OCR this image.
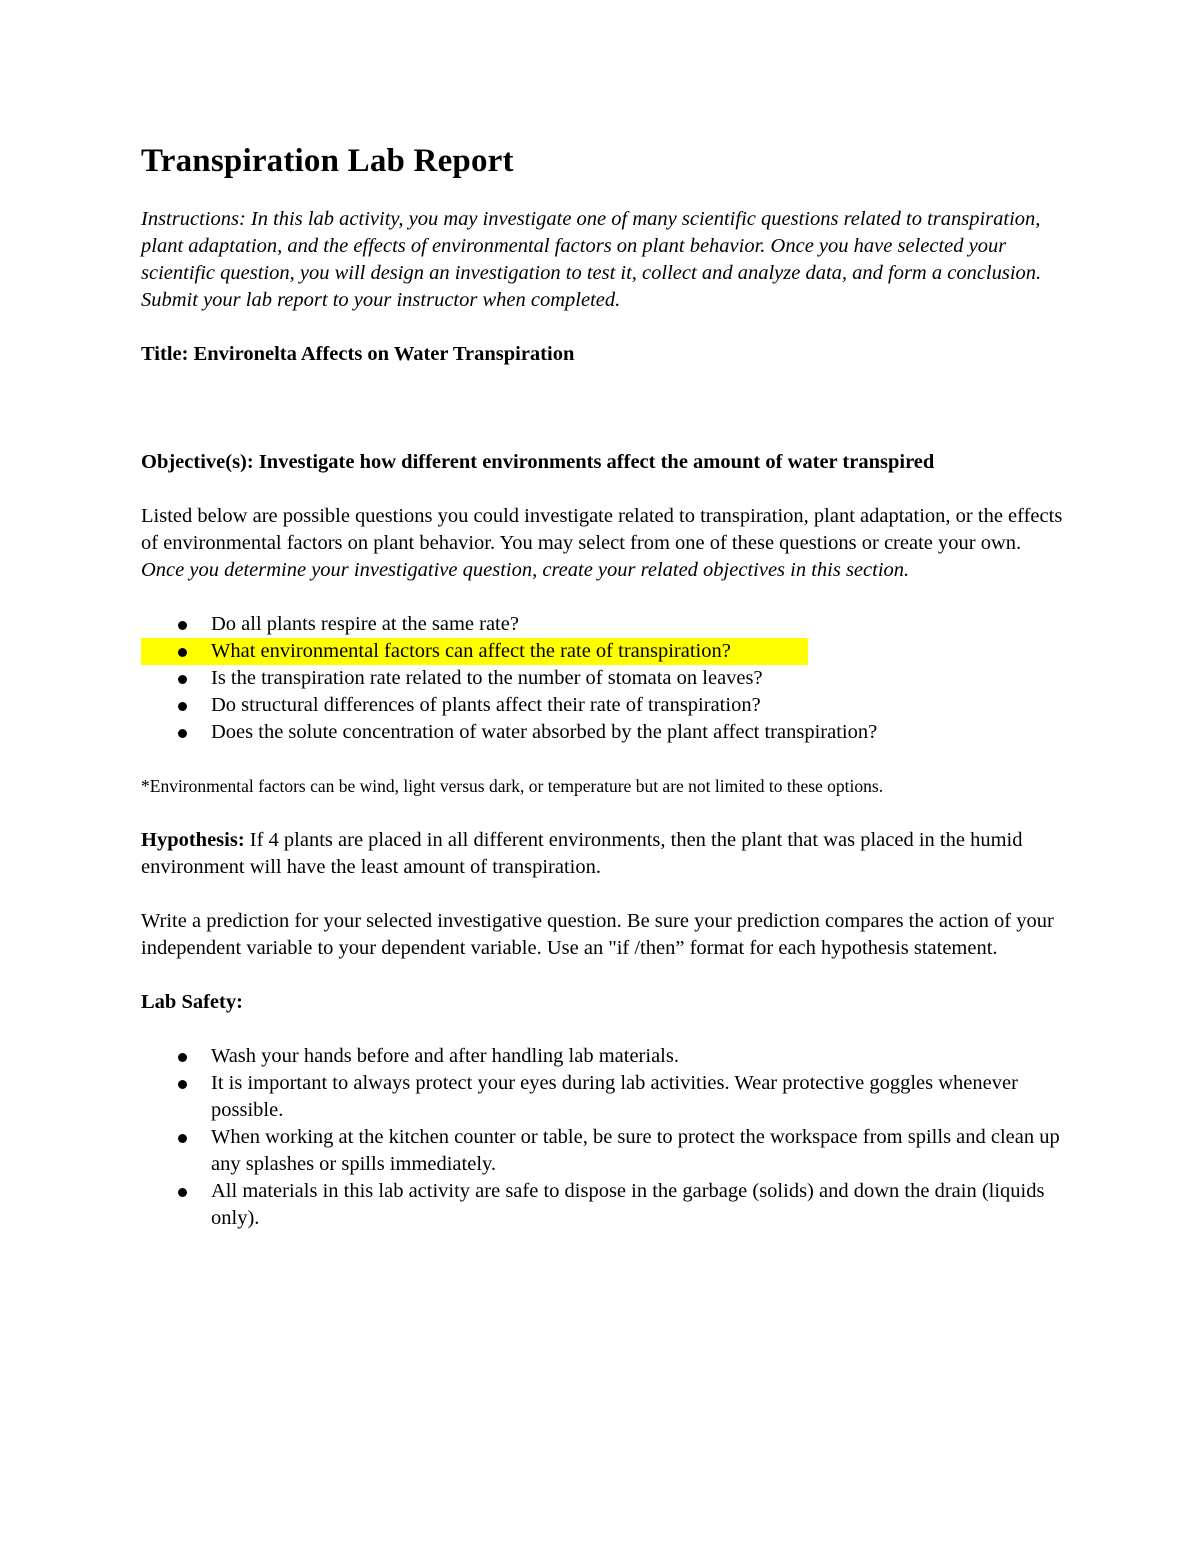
Transpiration Lab Report

Instructions: In this lab activity, you may investigate one of many scientific questions related to transpiration, plant adaptation, and the effects of environmental factors on plant behavior. Once you have selected your scientific question, you will design an investigation to test it, collect and analyze data, and form a conclusion. Submit your lab report to your instructor when completed.

Title: Environelta Affects on Water Transpiration

Objective(s): Investigate how different environments affect the amount of water transpired

Listed below are possible questions you could investigate related to transpiration, plant adaptation, or the effects of environmental factors on plant behavior. You may select from one of these questions or create your own. Once you determine your investigative question, create your related objectives in this section.

Do all plants respire at the same rate?
What environmental factors can affect the rate of transpiration?
Is the transpiration rate related to the number of stomata on leaves?
Do structural differences of plants affect their rate of transpiration?
Does the solute concentration of water absorbed by the plant affect transpiration?

*Environmental factors can be wind, light versus dark, or temperature but are not limited to these options.

Hypothesis: If 4 plants are placed in all different environments, then the plant that was placed in the humid environment will have the least amount of transpiration.

Write a prediction for your selected investigative question. Be sure your prediction compares the action of your independent variable to your dependent variable. Use an "if /then” format for each hypothesis statement.

Lab Safety:

Wash your hands before and after handling lab materials.
It is important to always protect your eyes during lab activities. Wear protective goggles whenever possible.
When working at the kitchen counter or table, be sure to protect the workspace from spills and clean up any splashes or spills immediately.
All materials in this lab activity are safe to dispose in the garbage (solids) and down the drain (liquids only).
